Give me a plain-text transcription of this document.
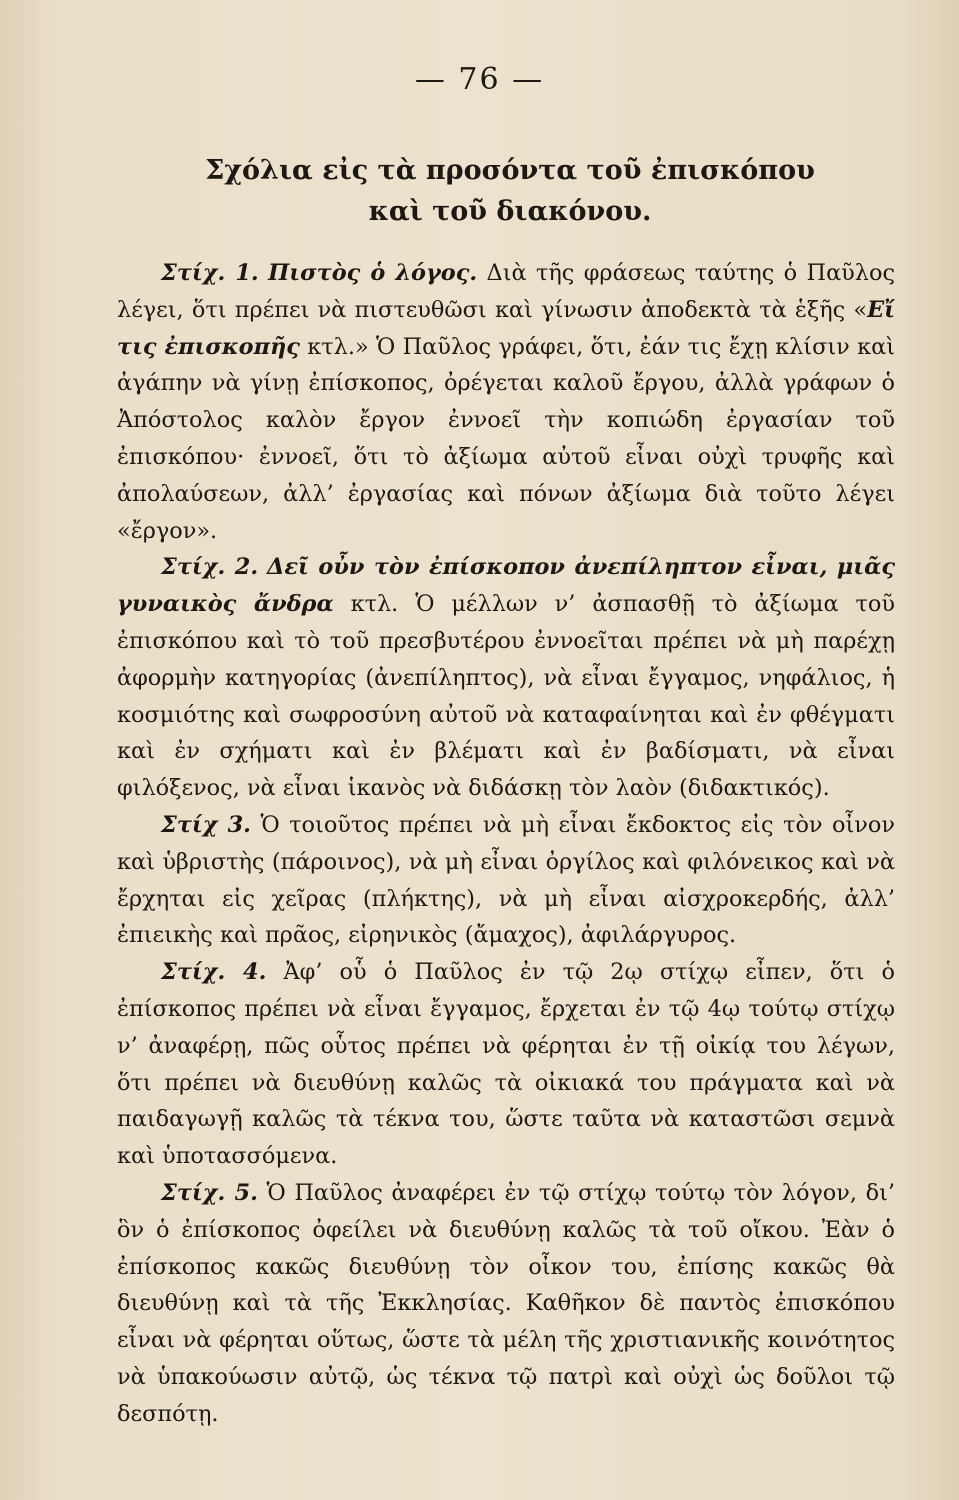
— 76 —
Σχόλια εἰς τὰ προσόντα τοῦ ἐπισκόπου
καὶ τοῦ διακόνου.

Στίχ. 1. Πιστὸς ὁ λόγος. Διὰ τῆς φράσεως ταύτης ὁ Παῦλος λέγει, ὅτι πρέπει νὰ πιστευθῶσι καὶ γίνωσιν ἀποδεκτὰ τὰ ἑξῆς «Εἴ τις ἐπισκοπῆς κτλ.» Ὁ Παῦλος γράφει, ὅτι, ἐάν τις ἔχῃ κλίσιν καὶ ἀγάπην νὰ γίνῃ ἐπίσκοπος, ὀρέγεται καλοῦ ἔργου, ἀλλὰ γράφων ὁ Ἀπόστολος καλὸν ἔργον ἐννοεῖ τὴν κοπιώδη ἐργασίαν τοῦ ἐπισκόπου· ἐννοεῖ, ὅτι τὸ ἀξίωμα αὐτοῦ εἶναι οὐχὶ τρυφῆς καὶ ἀπολαύσεων, ἀλλ’ ἐργασίας καὶ πόνων ἀξίωμα διὰ τοῦτο λέγει «ἔργον».

Στίχ. 2. Δεῖ οὖν τὸν ἐπίσκοπον ἀνεπίληπτον εἶναι, μιᾶς γυναικὸς ἄνδρα κτλ. Ὁ μέλλων ν’ ἀσπασθῇ τὸ ἀξίωμα τοῦ ἐπισκόπου καὶ τὸ τοῦ πρεσβυτέρου ἐννοεῖται πρέπει νὰ μὴ παρέχῃ ἀφορμὴν κατηγορίας (ἀνεπίληπτος), νὰ εἶναι ἔγγαμος, νηφάλιος, ἡ κοσμιότης καὶ σωφροσύνη αὐτοῦ νὰ καταφαίνηται καὶ ἐν φθέγματι καὶ ἐν σχήματι καὶ ἐν βλέματι καὶ ἐν βαδίσματι, νὰ εἶναι φιλόξενος, νὰ εἶναι ἱκανὸς νὰ διδάσκῃ τὸν λαὸν (διδακτικός).

Στίχ 3. Ὁ τοιοῦτος πρέπει νὰ μὴ εἶναι ἔκδοκτος εἰς τὸν οἶνον καὶ ὑβριστὴς (πάροινος), νὰ μὴ εἶναι ὀργίλος καὶ φιλόνεικος καὶ νὰ ἔρχηται εἰς χεῖρας (πλήκτης), νὰ μὴ εἶναι αἰσχροκερδής, ἀλλ’ ἐπιεικὴς καὶ πρᾶος, εἰρηνικὸς (ἄμαχος), ἀφιλάργυρος.

Στίχ. 4. Ἀφ’ οὗ ὁ Παῦλος ἐν τῷ 2ῳ στίχῳ εἶπεν, ὅτι ὁ ἐπίσκοπος πρέπει νὰ εἶναι ἔγγαμος, ἔρχεται ἐν τῷ 4ῳ τούτῳ στίχῳ ν’ ἀναφέρῃ, πῶς οὗτος πρέπει νὰ φέρηται ἐν τῇ οἰκίᾳ του λέγων, ὅτι πρέπει νὰ διευθύνῃ καλῶς τὰ οἰκιακά του πράγματα καὶ νὰ παιδαγωγῇ καλῶς τὰ τέκνα του, ὥστε ταῦτα νὰ καταστῶσι σεμνὰ καὶ ὑποτασσόμενα.

Στίχ. 5. Ὁ Παῦλος ἀναφέρει ἐν τῷ στίχῳ τούτῳ τὸν λόγον, δι’ ὃν ὁ ἐπίσκοπος ὀφείλει νὰ διευθύνῃ καλῶς τὰ τοῦ οἴκου. Ἐὰν ὁ ἐπίσκοπος κακῶς διευθύνῃ τὸν οἶκον του, ἐπίσης κακῶς θὰ διευθύνῃ καὶ τὰ τῆς Ἐκκλησίας. Καθῆκον δὲ παντὸς ἐπισκόπου εἶναι νὰ φέρηται οὕτως, ὥστε τὰ μέλη τῆς χριστιανικῆς κοινότητος νὰ ὑπακούωσιν αὐτῷ, ὡς τέκνα τῷ πατρὶ καὶ οὐχὶ ὡς δοῦλοι τῷ δεσπότῃ.
